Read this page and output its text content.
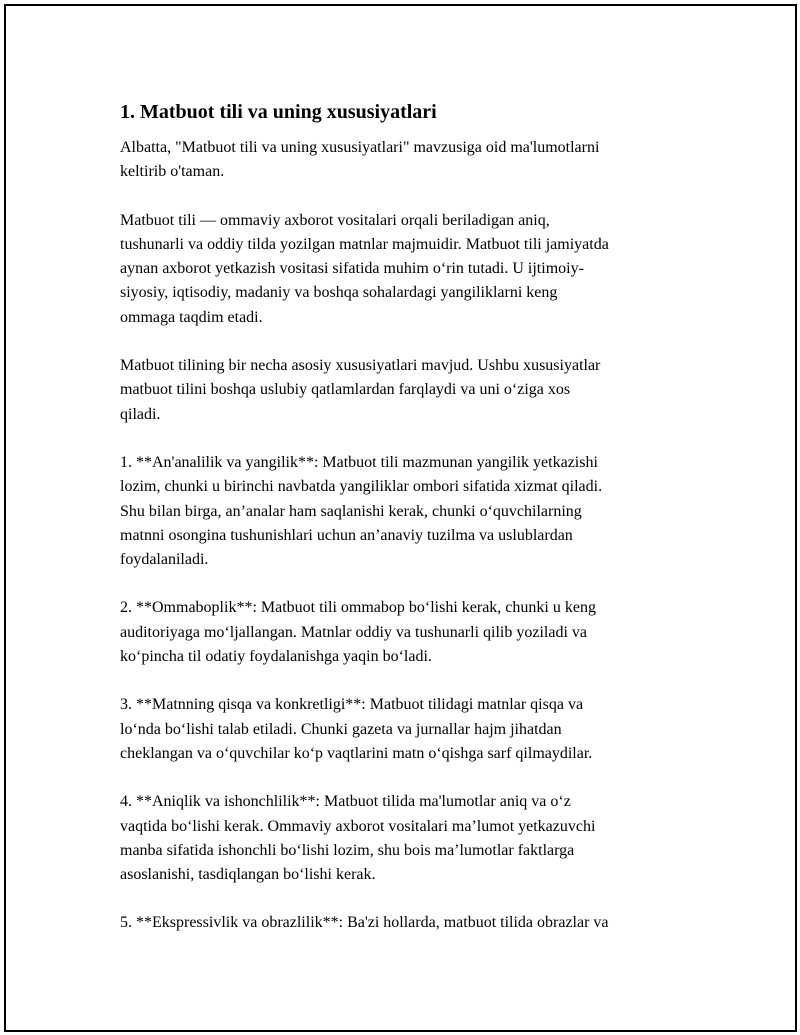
1. Matbuot tili va uning xususiyatlari

Albatta, "Matbuot tili va uning xususiyatlari" mavzusiga oid ma'lumotlarni
keltirib o'taman.

Matbuot tili — ommaviy axborot vositalari orqali beriladigan aniq,
tushunarli va oddiy tilda yozilgan matnlar majmuidir. Matbuot tili jamiyatda
aynan axborot yetkazish vositasi sifatida muhim o‘rin tutadi. U ijtimoiy-
siyosiy, iqtisodiy, madaniy va boshqa sohalardagi yangiliklarni keng
ommaga taqdim etadi.

Matbuot tilining bir necha asosiy xususiyatlari mavjud. Ushbu xususiyatlar
matbuot tilini boshqa uslubiy qatlamlardan farqlaydi va uni o‘ziga xos
qiladi.

1. **An'analilik va yangilik**: Matbuot tili mazmunan yangilik yetkazishi
lozim, chunki u birinchi navbatda yangiliklar ombori sifatida xizmat qiladi.
Shu bilan birga, an’analar ham saqlanishi kerak, chunki o‘quvchilarning
matnni osongina tushunishlari uchun an’anaviy tuzilma va uslublardan
foydalaniladi.

2. **Ommaboplik**: Matbuot tili ommabop bo‘lishi kerak, chunki u keng
auditoriyaga mo‘ljallangan. Matnlar oddiy va tushunarli qilib yoziladi va
ko‘pincha til odatiy foydalanishga yaqin bo‘ladi.

3. **Matnning qisqa va konkretligi**: Matbuot tilidagi matnlar qisqa va
lo‘nda bo‘lishi talab etiladi. Chunki gazeta va jurnallar hajm jihatdan
cheklangan va o‘quvchilar ko‘p vaqtlarini matn o‘qishga sarf qilmaydilar.

4. **Aniqlik va ishonchlilik**: Matbuot tilida ma'lumotlar aniq va o‘z
vaqtida bo‘lishi kerak. Ommaviy axborot vositalari ma’lumot yetkazuvchi
manba sifatida ishonchli bo‘lishi lozim, shu bois ma’lumotlar faktlarga
asoslanishi, tasdiqlangan bo‘lishi kerak.

5. **Ekspressivlik va obrazlilik**: Ba'zi hollarda, matbuot tilida obrazlar va
